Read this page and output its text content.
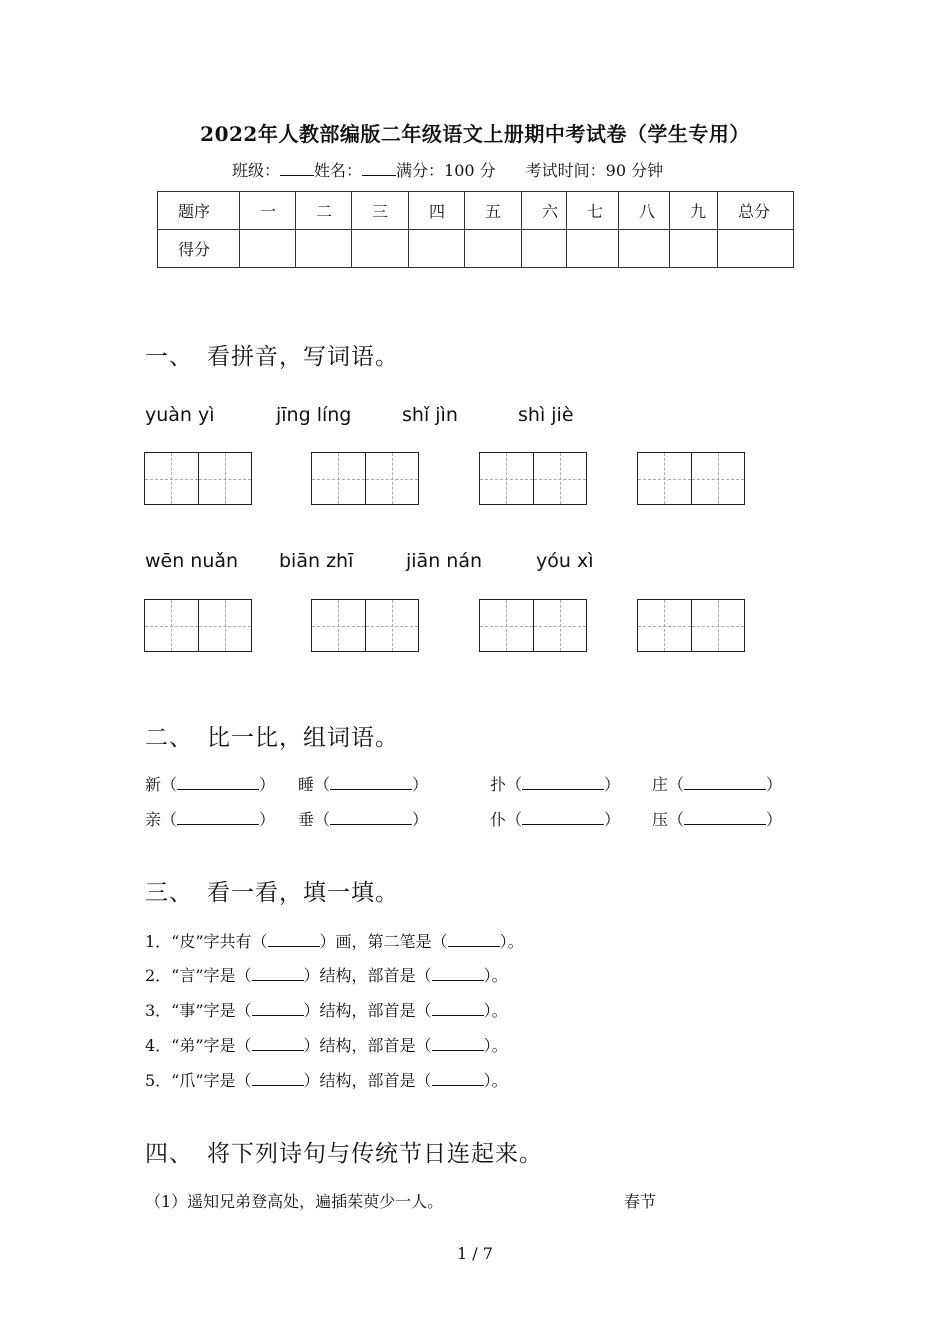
2022年人教部编版二年级语文上册期中考试卷（学生专用）
班级： 姓名： 满分：100 分 考试时间：90 分钟
题序	一	二	三	四	五	六	七	八	九	总分
得分										
一、 看拼音，写词语。
yuàn yì	jīng líng	shǐ jìn	shì jiè
wēn nuǎn biān zhī	jiān nán	yóu xì
二、 比一比，组词语。
新（	） 睡（	）	扑（	） 庄（	）
亲（	） 垂（	）	仆（	） 压（	）
三、 看一看，填一填。
1．“皮”字共有（	）画，第二笔是（	）。
2．“言”字是（	）结构，部首是（	）。
3．“事”字是（	）结构，部首是（	）。
4．“弟”字是（	）结构，部首是（	）。
5．“爪”字是（	）结构，部首是（	）。
四、 将下列诗句与传统节日连起来。
（1）遥知兄弟登高处，遍插茱萸少一人。	春节
1 / 7
